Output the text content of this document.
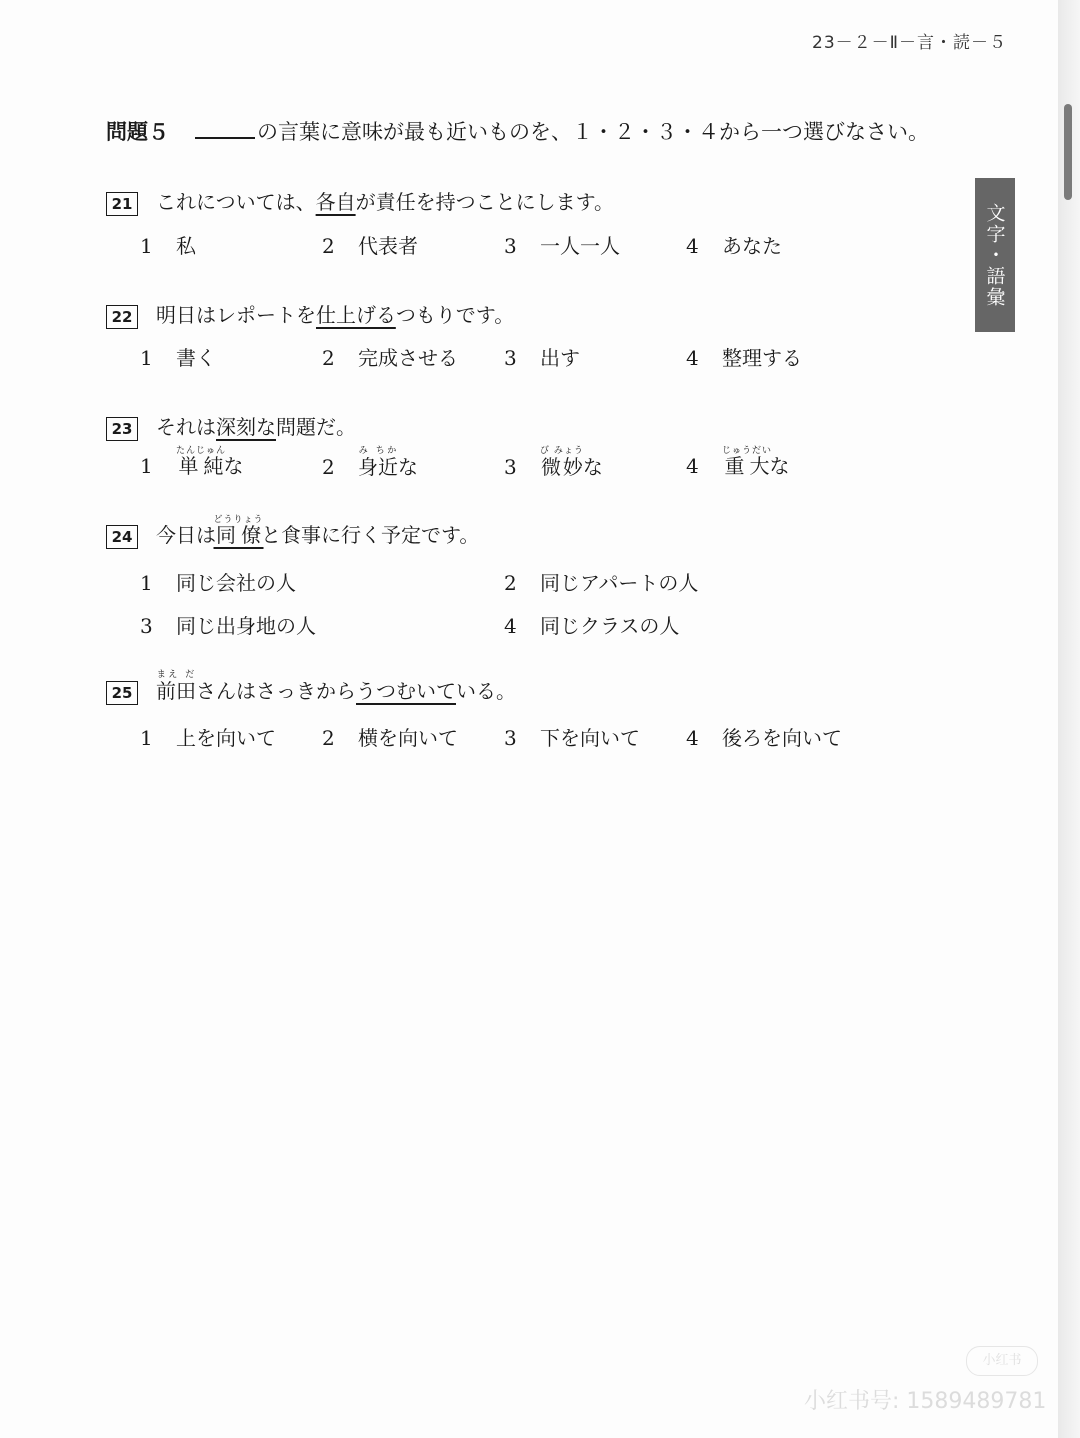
23－２－Ⅱ－言・読－５
文字・語彙
問題５	の言葉に意味が最も近いものを、１・２・３・４から一つ選びなさい。
21 これについては、各自が責任を持つことにします。
1 私	2 代表者	3 一人一人	4 あなた
22 明日はレポートを仕上げるつもりです。
1 書く	2 完成させる 3 出す	4 整理する
23 それは深刻な問題だ。
1 単純たんじゅんな	2 身近み ちかな	3 微妙び みょうな	4 重大じゅうだいな
24 今日は同僚どうりょうと食事に行く予定です。
1 同じ会社の人	2 同じアパートの人
3 同じ出身地の人	4 同じクラスの人
25 前田まえ ださんはさっきからうつむいている。
1 上を向いて 2 横を向いて 3 下を向いて 4 後ろを向いて
小红书
小红书号: 1589489781
